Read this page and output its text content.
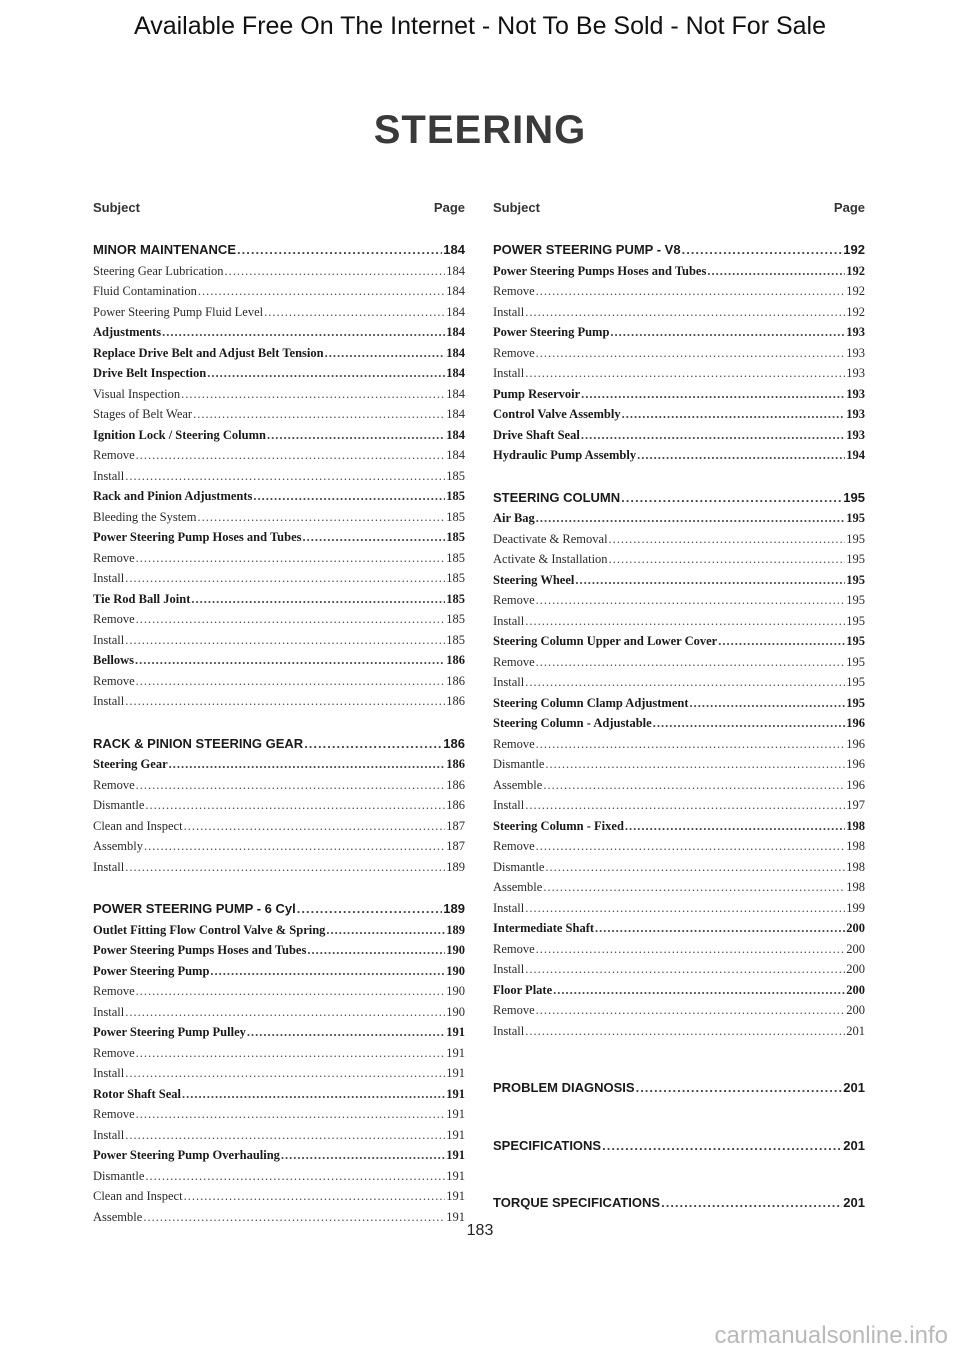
Available Free On The Internet - Not To Be Sold - Not For Sale
STEERING
Subject	Page
MINOR MAINTENANCE .....	184
Steering Gear Lubrication .....	184
Fluid Contamination .....	184
Power Steering Pump Fluid Level .....	184
Adjustments .....	184
Replace Drive Belt and Adjust Belt Tension .....	184
Drive Belt Inspection .....	184
Visual Inspection .....	184
Stages of Belt Wear .....	184
Ignition Lock / Steering Column .....	184
Remove .....	184
Install .....	185
Rack and Pinion Adjustments .....	185
Bleeding the System .....	185
Power Steering Pump Hoses and Tubes .....	185
Remove .....	185
Install .....	185
Tie Rod Ball Joint .....	185
Remove .....	185
Install .....	185
Bellows .....	186
Remove .....	186
Install .....	186
RACK & PINION STEERING GEAR .....	186
Steering Gear .....	186
Remove .....	186
Dismantle .....	186
Clean and Inspect .....	187
Assembly .....	187
Install .....	189
POWER STEERING PUMP - 6 Cyl .....	189
Outlet Fitting Flow Control Valve & Spring .....	189
Power Steering Pumps Hoses and Tubes .....	190
Power Steering Pump .....	190
Remove .....	190
Install .....	190
Power Steering Pump Pulley .....	191
Remove .....	191
Install .....	191
Rotor Shaft Seal .....	191
Remove .....	191
Install .....	191
Power Steering Pump Overhauling .....	191
Dismantle .....	191
Clean and Inspect .....	191
Assemble .....	191
Subject	Page
POWER STEERING PUMP - V8 .....	192
Power Steering Pumps Hoses and Tubes .....	192
Remove .....	192
Install .....	192
Power Steering Pump .....	193
Remove .....	193
Install .....	193
Pump Reservoir .....	193
Control Valve Assembly .....	193
Drive Shaft Seal .....	193
Hydraulic Pump Assembly .....	194
STEERING COLUMN .....	195
Air Bag .....	195
Deactivate & Removal .....	195
Activate & Installation .....	195
Steering Wheel .....	195
Remove .....	195
Install .....	195
Steering Column Upper and Lower Cover .....	195
Remove .....	195
Install .....	195
Steering Column Clamp Adjustment .....	195
Steering Column - Adjustable .....	196
Remove .....	196
Dismantle .....	196
Assemble .....	196
Install .....	197
Steering Column - Fixed .....	198
Remove .....	198
Dismantle .....	198
Assemble .....	198
Install .....	199
Intermediate Shaft .....	200
Remove .....	200
Install .....	200
Floor Plate .....	200
Remove .....	200
Install .....	201
PROBLEM DIAGNOSIS .....	201
SPECIFICATIONS .....	201
TORQUE SPECIFICATIONS .....	201
183
carmanualsonline.info
